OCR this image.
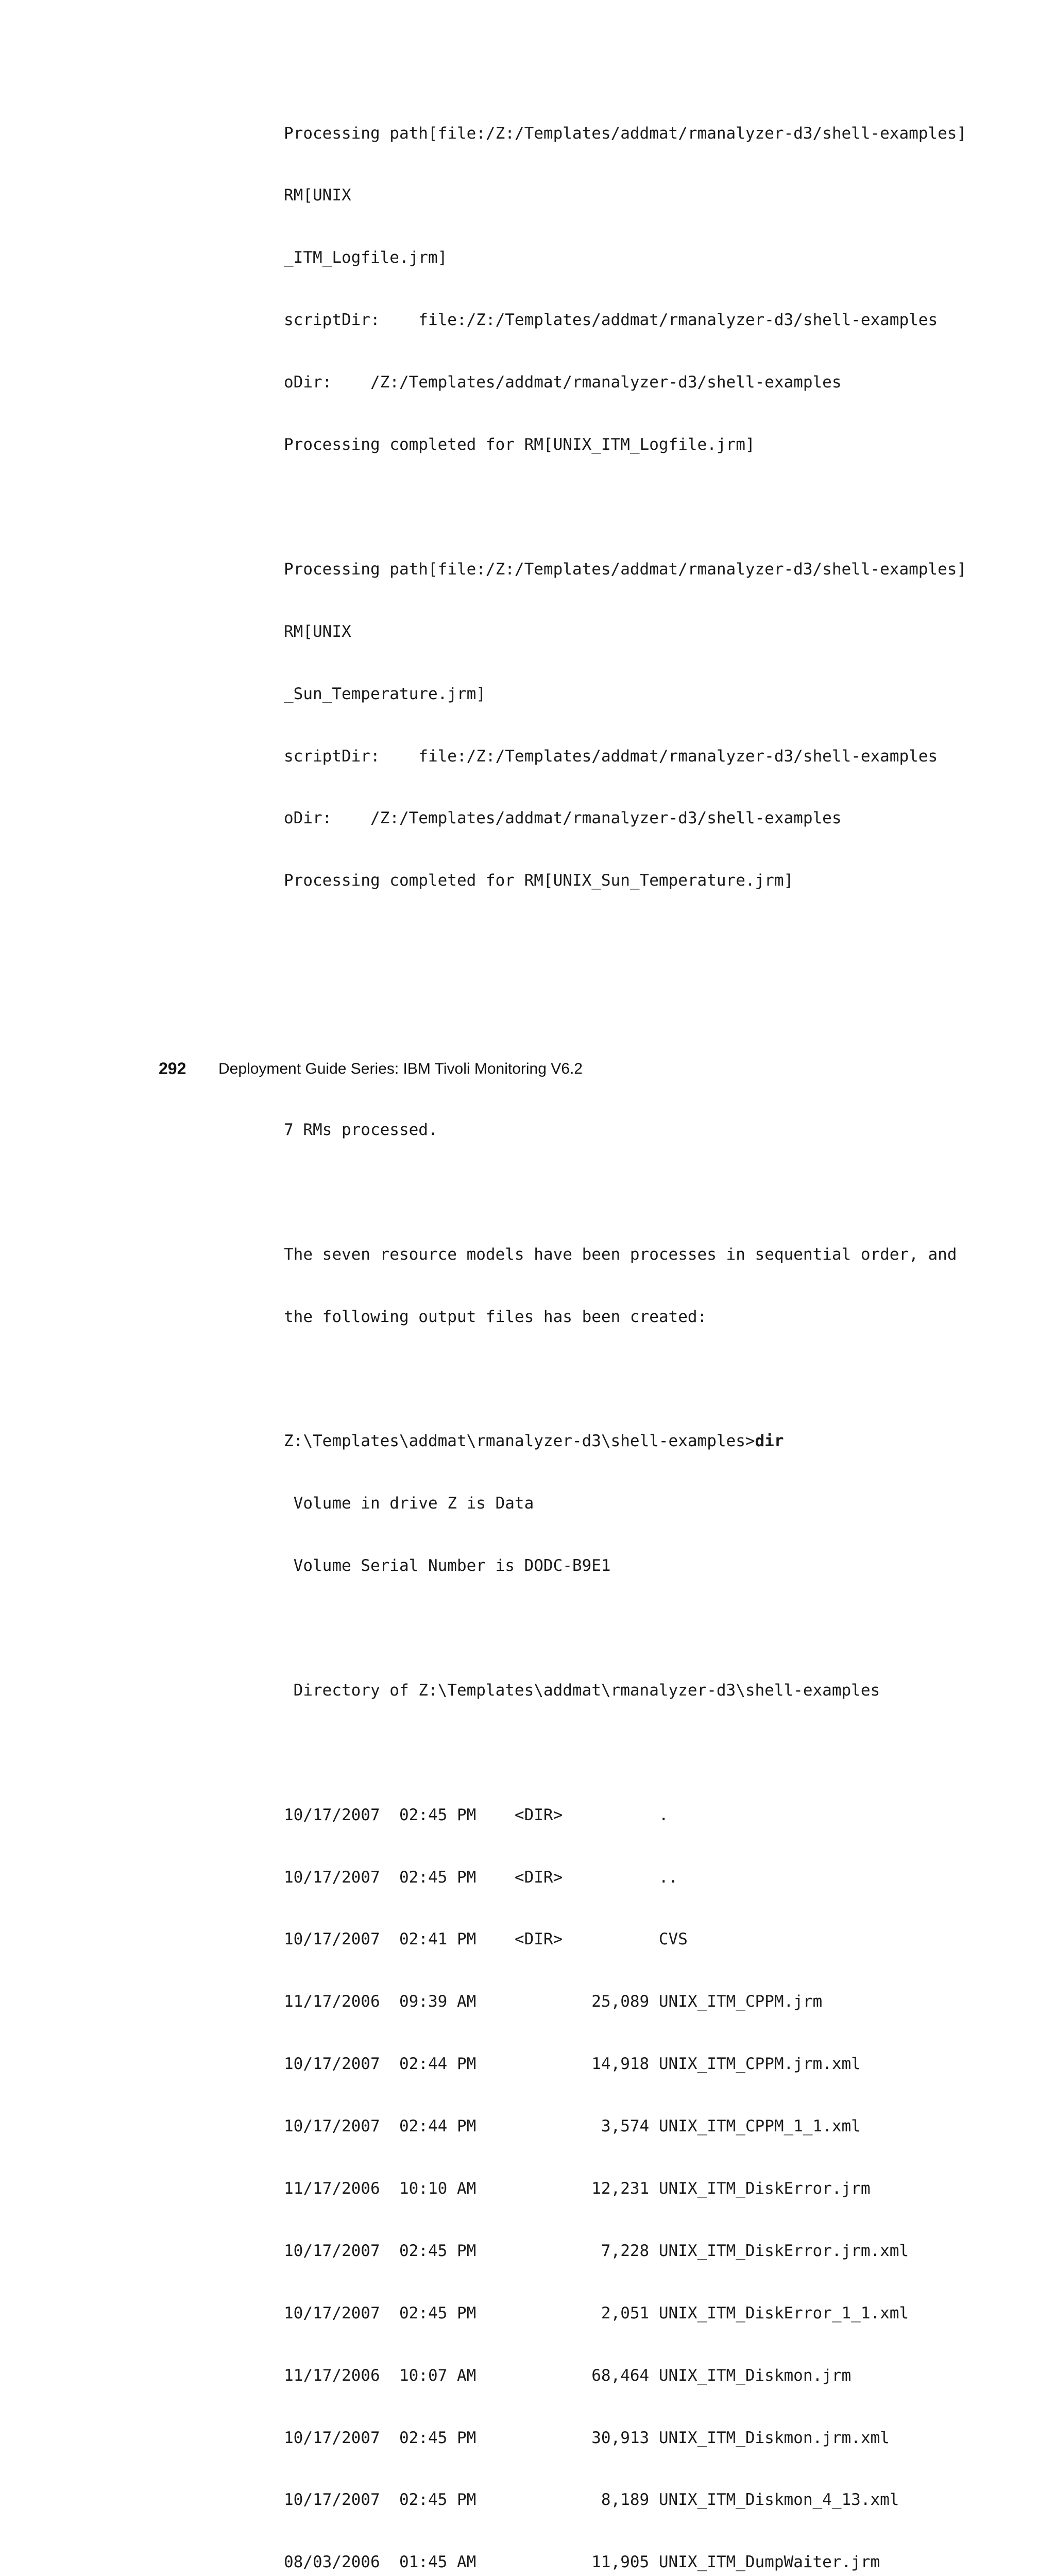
Processing path[file:/Z:/Templates/addmat/rmanalyzer-d3/shell-examples]

RM[UNIX

_ITM_Logfile.jrm]

scriptDir:    file:/Z:/Templates/addmat/rmanalyzer-d3/shell-examples

oDir:    /Z:/Templates/addmat/rmanalyzer-d3/shell-examples

Processing completed for RM[UNIX_ITM_Logfile.jrm]

Processing path[file:/Z:/Templates/addmat/rmanalyzer-d3/shell-examples]

RM[UNIX

_Sun_Temperature.jrm]

scriptDir:    file:/Z:/Templates/addmat/rmanalyzer-d3/shell-examples

oDir:    /Z:/Templates/addmat/rmanalyzer-d3/shell-examples

Processing completed for RM[UNIX_Sun_Temperature.jrm]

7 RMs processed.

The seven resource models have been processes in sequential order, and

the following output files has been created:

Z:\Templates\addmat\rmanalyzer-d3\shell-examples>dir

Volume in drive Z is Data

Volume Serial Number is DODC-B9E1

Directory of Z:\Templates\addmat\rmanalyzer-d3\shell-examples

10/17/2007  02:45 PM    <DIR>          .

10/17/2007  02:45 PM    <DIR>          ..

10/17/2007  02:41 PM    <DIR>          CVS

11/17/2006  09:39 AM            25,089 UNIX_ITM_CPPM.jrm

10/17/2007  02:44 PM            14,918 UNIX_ITM_CPPM.jrm.xml

10/17/2007  02:44 PM             3,574 UNIX_ITM_CPPM_1_1.xml

11/17/2006  10:10 AM            12,231 UNIX_ITM_DiskError.jrm

10/17/2007  02:45 PM             7,228 UNIX_ITM_DiskError.jrm.xml

10/17/2007  02:45 PM             2,051 UNIX_ITM_DiskError_1_1.xml

11/17/2006  10:07 AM            68,464 UNIX_ITM_Diskmon.jrm

10/17/2007  02:45 PM            30,913 UNIX_ITM_Diskmon.jrm.xml

10/17/2007  02:45 PM             8,189 UNIX_ITM_Diskmon_4_13.xml

08/03/2006  01:45 AM            11,905 UNIX_ITM_DumpWaiter.jrm

292 Deployment Guide Series: IBM Tivoli Monitoring V6.2
